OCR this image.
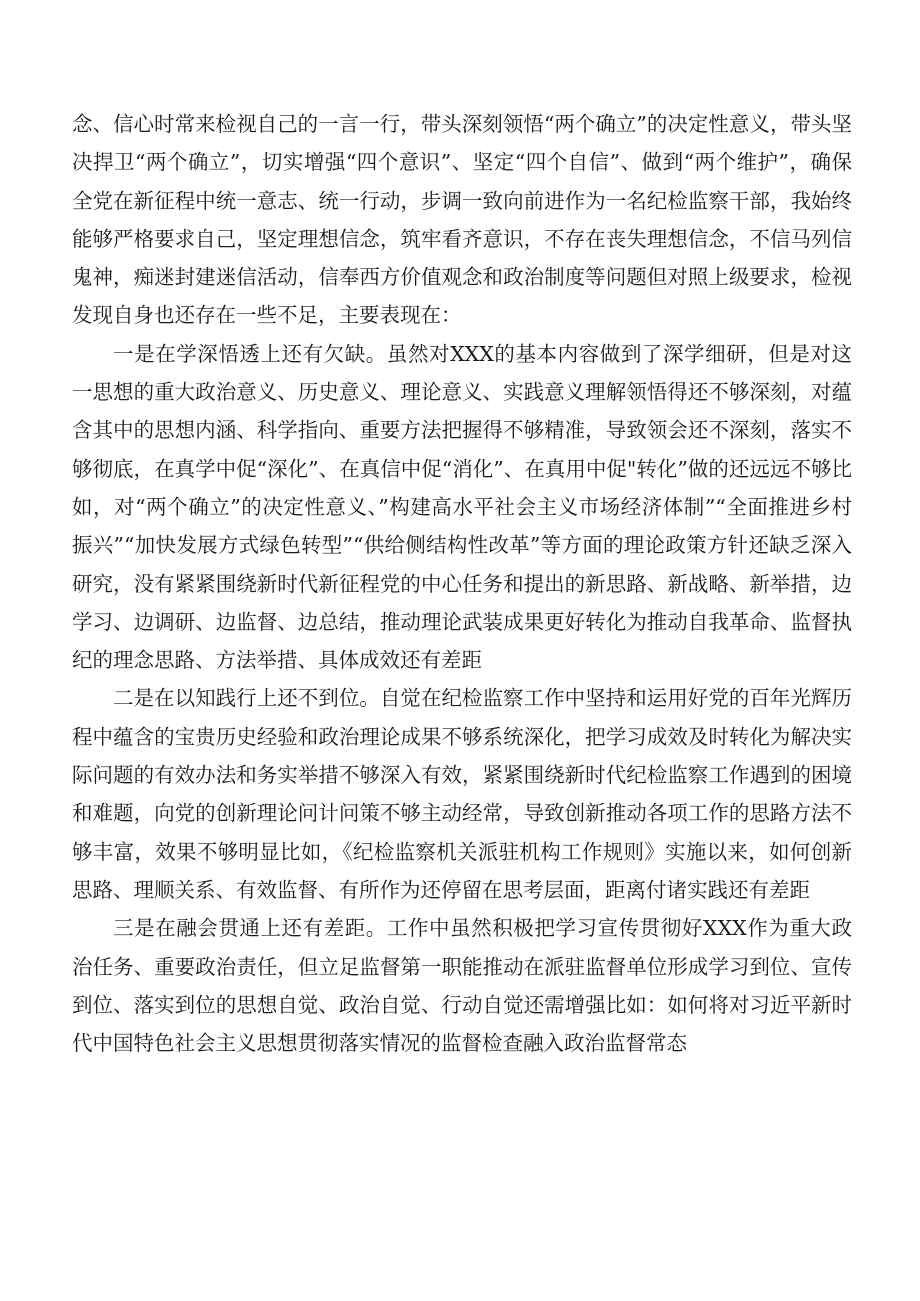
念、信心时常来检视自己的一言一行，带头深刻领悟“两个确立”的决定性意义，带头坚决捍卫“两个确立”，切实增强“四个意识”、坚定“四个自信”、做到“两个维护”，确保全党在新征程中统一意志、统一行动，步调一致向前进作为一名纪检监察干部，我始终能够严格要求自己，坚定理想信念，筑牢看齐意识，不存在丧失理想信念，不信马列信鬼神，痴迷封建迷信活动，信奉西方价值观念和政治制度等问题但对照上级要求，检视发现自身也还存在一些不足，主要表现在：

一是在学深悟透上还有欠缺。虽然对XXX的基本内容做到了深学细研，但是对这一思想的重大政治意义、历史意义、理论意义、实践意义理解领悟得还不够深刻，对蕴含其中的思想内涵、科学指向、重要方法把握得不够精准，导致领会还不深刻，落实不够彻底，在真学中促“深化”、在真信中促“消化”、在真用中促"转化”做的还远远不够比如，对“两个确立”的决定性意义、”构建高水平社会主义市场经济体制”“全面推进乡村振兴”“加快发展方式绿色转型”“供给侧结构性改革”等方面的理论政策方针还缺乏深入研究，没有紧紧围绕新时代新征程党的中心任务和提出的新思路、新战略、新举措，边学习、边调研、边监督、边总结，推动理论武装成果更好转化为推动自我革命、监督执纪的理念思路、方法举措、具体成效还有差距

二是在以知践行上还不到位。自觉在纪检监察工作中坚持和运用好党的百年光辉历程中蕴含的宝贵历史经验和政治理论成果不够系统深化，把学习成效及时转化为解决实际问题的有效办法和务实举措不够深入有效，紧紧围绕新时代纪检监察工作遇到的困境和难题，向党的创新理论问计问策不够主动经常，导致创新推动各项工作的思路方法不够丰富，效果不够明显比如，《纪检监察机关派驻机构工作规则》实施以来，如何创新思路、理顺关系、有效监督、有所作为还停留在思考层面，距离付诸实践还有差距

三是在融会贯通上还有差距。工作中虽然积极把学习宣传贯彻好XXX作为重大政治任务、重要政治责任，但立足监督第一职能推动在派驻监督单位形成学习到位、宣传到位、落实到位的思想自觉、政治自觉、行动自觉还需增强比如：如何将对习近平新时代中国特色社会主义思想贯彻落实情况的监督检查融入政治监督常态
